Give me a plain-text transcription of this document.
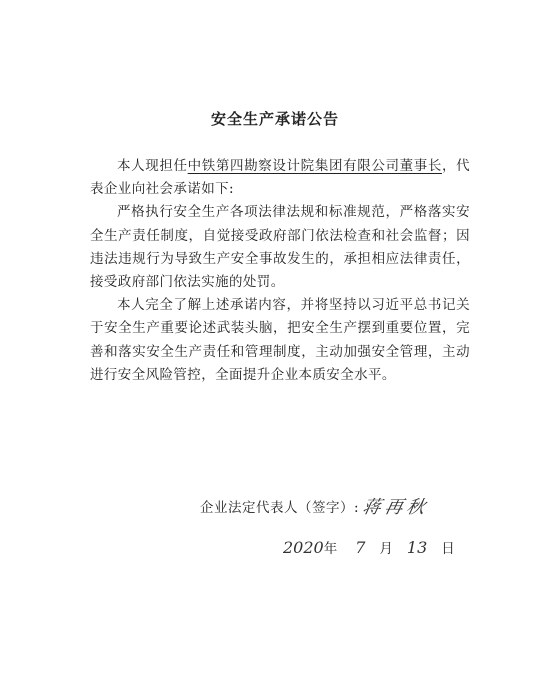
安全生产承诺公告

本人现担任中铁第四勘察设计院集团有限公司董事长，代表企业向社会承诺如下:

严格执行安全生产各项法律法规和标准规范，严格落实安全生产责任制度，自觉接受政府部门依法检查和社会监督；因违法违规行为导致生产安全事故发生的，承担相应法律责任，接受政府部门依法实施的处罚。

本人完全了解上述承诺内容，并将坚持以习近平总书记关于安全生产重要论述武装头脑，把安全生产摆到重要位置，完善和落实安全生产责任和管理制度，主动加强安全管理，主动进行安全风险管控，全面提升企业本质安全水平。

企业法定代表人（签字）: 蒋再秋
2020 年 7 月 13 日
